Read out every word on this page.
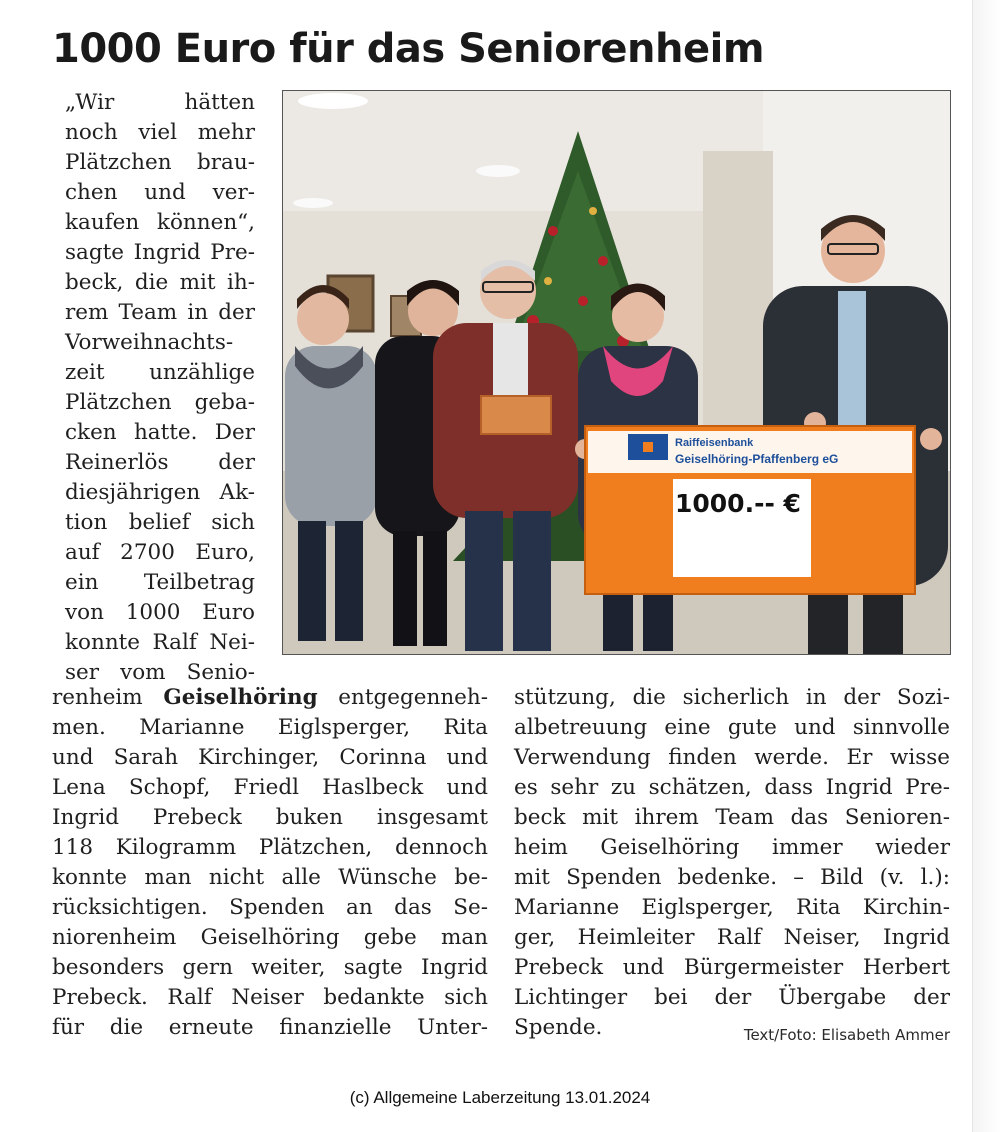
1000 Euro für das Seniorenheim

„Wir hätten

noch viel mehr

Plätzchen brau-

chen und ver-

kaufen können“,

sagte Ingrid Pre-

beck, die mit ih-

rem Team in der

Vorweihnachts-

zeit unzählige

Plätzchen geba-

cken hatte. Der

Reinerlös der

diesjährigen Ak-

tion belief sich

auf 2700 Euro,

ein Teilbetrag

von 1000 Euro

konnte Ralf Nei-

ser vom Senio-

Raiffeisenbank
Geiselhöring-Pfaffenberg eG
1000.-- €

renheim Geiselhöring entgegenneh-

men. Marianne Eiglsperger, Rita

und Sarah Kirchinger, Corinna und

Lena Schopf, Friedl Haslbeck und

Ingrid Prebeck buken insgesamt

118 Kilogramm Plätzchen, dennoch

konnte man nicht alle Wünsche be-

rücksichtigen. Spenden an das Se-

niorenheim Geiselhöring gebe man

besonders gern weiter, sagte Ingrid

Prebeck. Ralf Neiser bedankte sich

für die erneute finanzielle Unter-

stützung, die sicherlich in der Sozi-

albetreuung eine gute und sinnvolle

Verwendung finden werde. Er wisse

es sehr zu schätzen, dass Ingrid Pre-

beck mit ihrem Team das Senioren-

heim Geiselhöring immer wieder

mit Spenden bedenke. – Bild (v. l.):

Marianne Eiglsperger, Rita Kirchin-

ger, Heimleiter Ralf Neiser, Ingrid

Prebeck und Bürgermeister Herbert

Lichtinger bei der Übergabe der

Spende.	Text/Foto: Elisabeth Ammer

(c) Allgemeine Laberzeitung 13.01.2024
